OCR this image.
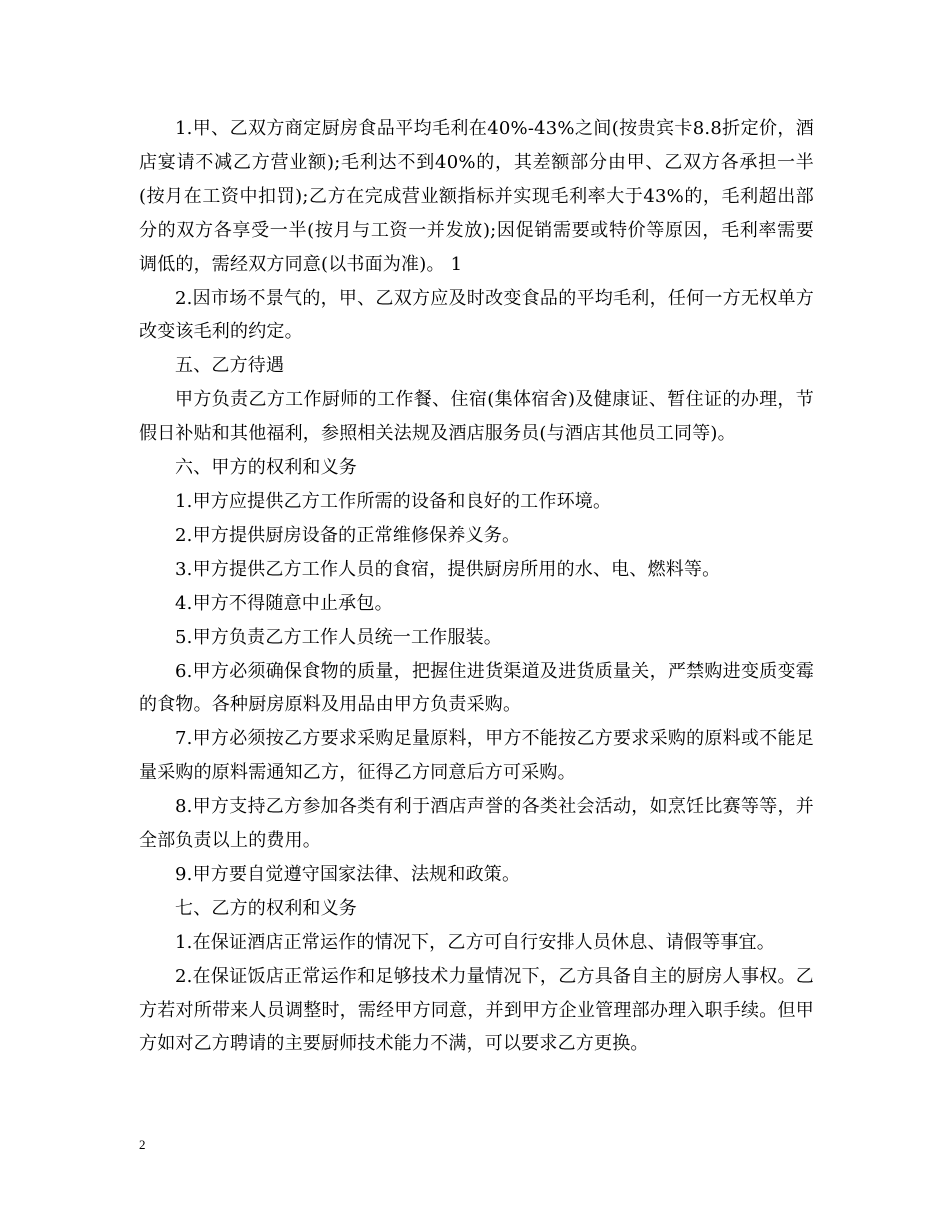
1.甲、乙双方商定厨房食品平均毛利在40%-43%之间(按贵宾卡8.8折定价，酒店宴请不减乙方营业额);毛利达不到40%的，其差额部分由甲、乙双方各承担一半(按月在工资中扣罚);乙方在完成营业额指标并实现毛利率大于43%的，毛利超出部分的双方各享受一半(按月与工资一并发放);因促销需要或特价等原因，毛利率需要调低的，需经双方同意(以书面为准)。 1

2.因市场不景气的，甲、乙双方应及时改变食品的平均毛利，任何一方无权单方改变该毛利的约定。

五、乙方待遇

甲方负责乙方工作厨师的工作餐、住宿(集体宿舍)及健康证、暂住证的办理，节假日补贴和其他福利，参照相关法规及酒店服务员(与酒店其他员工同等)。

六、甲方的权利和义务

1.甲方应提供乙方工作所需的设备和良好的工作环境。

2.甲方提供厨房设备的正常维修保养义务。

3.甲方提供乙方工作人员的食宿，提供厨房所用的水、电、燃料等。

4.甲方不得随意中止承包。

5.甲方负责乙方工作人员统一工作服装。

6.甲方必须确保食物的质量，把握住进货渠道及进货质量关，严禁购进变质变霉的食物。各种厨房原料及用品由甲方负责采购。

7.甲方必须按乙方要求采购足量原料，甲方不能按乙方要求采购的原料或不能足量采购的原料需通知乙方，征得乙方同意后方可采购。

8.甲方支持乙方参加各类有利于酒店声誉的各类社会活动，如烹饪比赛等等，并全部负责以上的费用。

9.甲方要自觉遵守国家法律、法规和政策。

七、乙方的权利和义务

1.在保证酒店正常运作的情况下，乙方可自行安排人员休息、请假等事宜。

2.在保证饭店正常运作和足够技术力量情况下，乙方具备自主的厨房人事权。乙方若对所带来人员调整时，需经甲方同意，并到甲方企业管理部办理入职手续。但甲方如对乙方聘请的主要厨师技术能力不满，可以要求乙方更换。

2
